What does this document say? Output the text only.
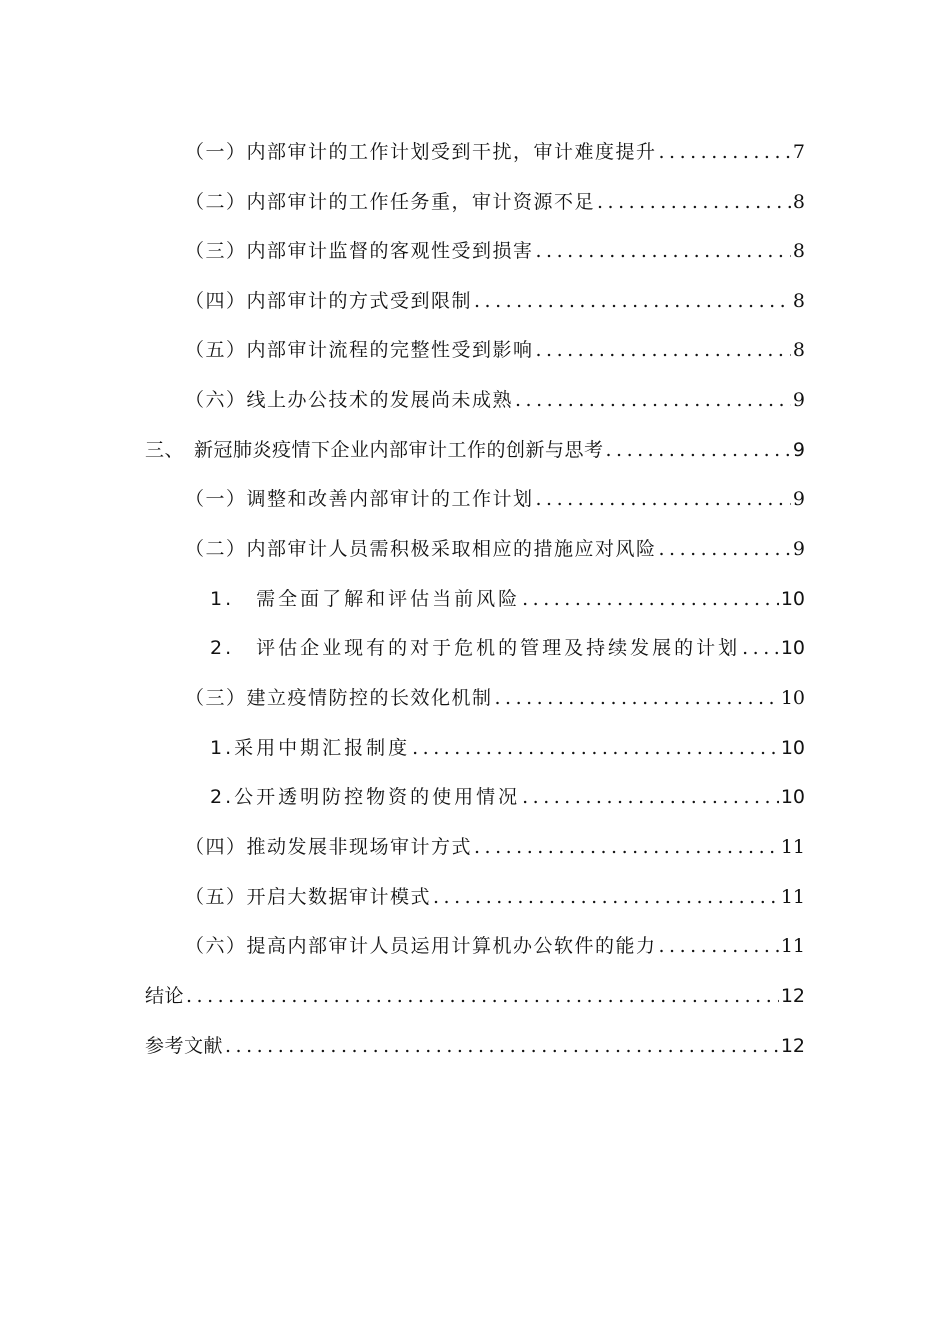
（一）内部审计的工作计划受到干扰，审计难度提升 .....	7
（二）内部审计的工作任务重，审计资源不足 .....	8
（三）内部审计监督的客观性受到损害 .....	8
（四）内部审计的方式受到限制 .....	8
（五）内部审计流程的完整性受到影响 .....	8
（六）线上办公技术的发展尚未成熟 .....	9
三、　新冠肺炎疫情下企业内部审计工作的创新与思考 .....	9
（一）调整和改善内部审计的工作计划 .....	9
（二）内部审计人员需积极采取相应的措施应对风险 .....	9
1.　需全面了解和评估当前风险 .....	10
2.　评估企业现有的对于危机的管理及持续发展的计划 ..... 10
（三）建立疫情防控的长效化机制 .....	10
1.采用中期汇报制度 .....	10
2.公开透明防控物资的使用情况 .....	10
（四）推动发展非现场审计方式 .....	11
（五）开启大数据审计模式 .....	11
（六）提高内部审计人员运用计算机办公软件的能力 .....	11
结论 .....	12
参考文献 .....	12
